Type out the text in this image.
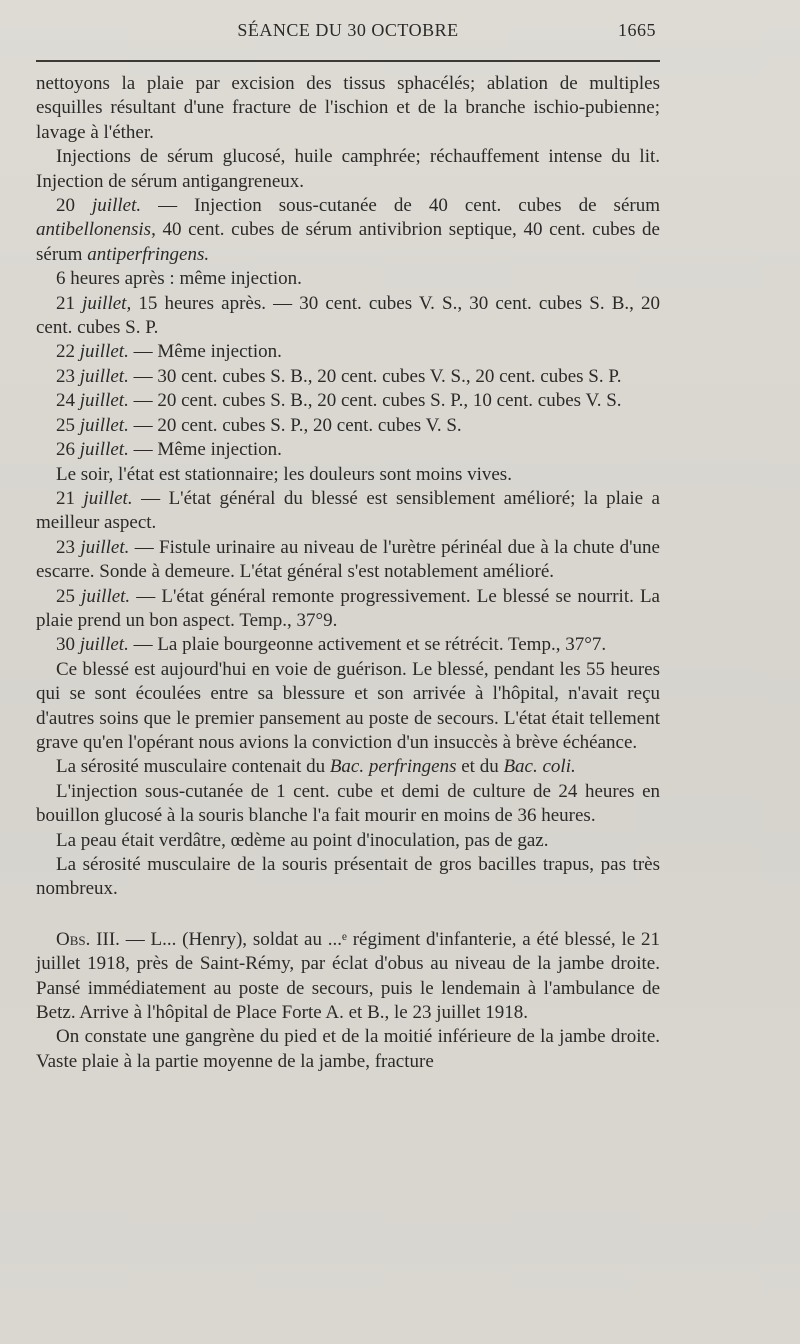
SÉANCE DU 30 OCTOBRE	1665

nettoyons la plaie par excision des tissus sphacélés; ablation de multiples esquilles résultant d'une fracture de l'ischion et de la branche ischio-pubienne; lavage à l'éther.

Injections de sérum glucosé, huile camphrée; réchauffement intense du lit. Injection de sérum antigangreneux.

20 juillet. — Injection sous-cutanée de 40 cent. cubes de sérum antibellonensis, 40 cent. cubes de sérum antivibrion septique, 40 cent. cubes de sérum antiperfringens.

6 heures après : même injection.

21 juillet, 15 heures après. — 30 cent. cubes V. S., 30 cent. cubes S. B., 20 cent. cubes S. P.

22 juillet. — Même injection.

23 juillet. — 30 cent. cubes S. B., 20 cent. cubes V. S., 20 cent. cubes S. P.

24 juillet. — 20 cent. cubes S. B., 20 cent. cubes S. P., 10 cent. cubes V. S.

25 juillet. — 20 cent. cubes S. P., 20 cent. cubes V. S.

26 juillet. — Même injection.

Le soir, l'état est stationnaire; les douleurs sont moins vives.

21 juillet. — L'état général du blessé est sensiblement amélioré; la plaie a meilleur aspect.

23 juillet. — Fistule urinaire au niveau de l'urètre périnéal due à la chute d'une escarre. Sonde à demeure. L'état général s'est notablement amélioré.

25 juillet. — L'état général remonte progressivement. Le blessé se nourrit. La plaie prend un bon aspect. Temp., 37°9.

30 juillet. — La plaie bourgeonne activement et se rétrécit. Temp., 37°7.

Ce blessé est aujourd'hui en voie de guérison. Le blessé, pendant les 55 heures qui se sont écoulées entre sa blessure et son arrivée à l'hôpital, n'avait reçu d'autres soins que le premier pansement au poste de secours. L'état était tellement grave qu'en l'opérant nous avions la conviction d'un insuccès à brève échéance.

La sérosité musculaire contenait du Bac. perfringens et du Bac. coli.

L'injection sous-cutanée de 1 cent. cube et demi de culture de 24 heures en bouillon glucosé à la souris blanche l'a fait mourir en moins de 36 heures.

La peau était verdâtre, œdème au point d'inoculation, pas de gaz.

La sérosité musculaire de la souris présentait de gros bacilles trapus, pas très nombreux.

Obs. III. — L... (Henry), soldat au ...ᵉ régiment d'infanterie, a été blessé, le 21 juillet 1918, près de Saint-Rémy, par éclat d'obus au niveau de la jambe droite. Pansé immédiatement au poste de secours, puis le lendemain à l'ambulance de Betz. Arrive à l'hôpital de Place Forte A. et B., le 23 juillet 1918.

On constate une gangrène du pied et de la moitié inférieure de la jambe droite. Vaste plaie à la partie moyenne de la jambe, fracture
